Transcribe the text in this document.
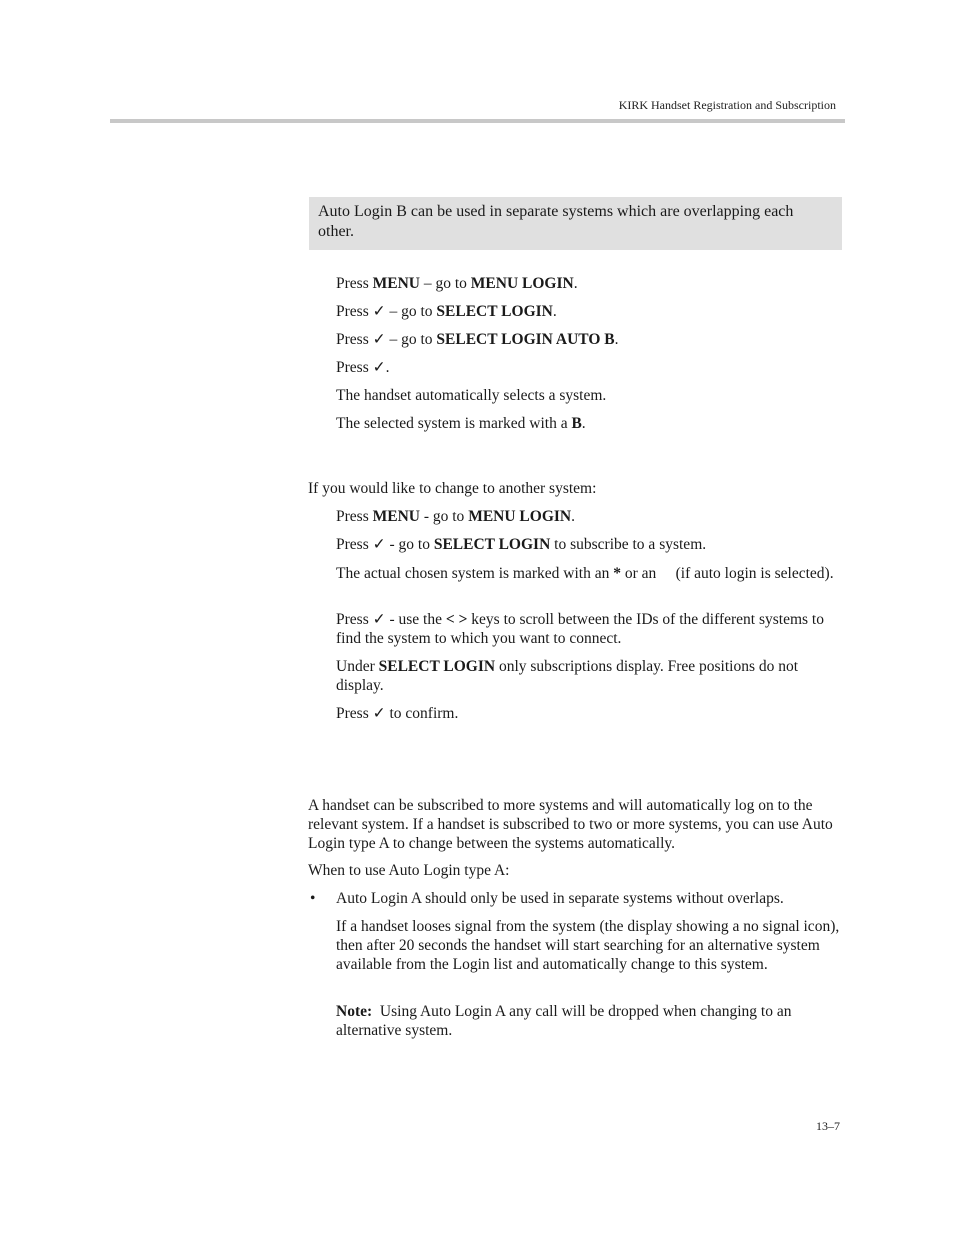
KIRK Handset Registration and Subscription
Auto Login B can be used in separate systems which are overlapping each other.

Press MENU – go to MENU LOGIN.

Press ✓ – go to SELECT LOGIN.

Press ✓ – go to SELECT LOGIN AUTO B.

Press ✓.

The handset automatically selects a system.

The selected system is marked with a B.

If you would like to change to another system:

Press MENU - go to MENU LOGIN.

Press ✓ - go to SELECT LOGIN to subscribe to a system.

The actual chosen system is marked with an * or an     (if auto login is selected).

Press ✓ - use the < > keys to scroll between the IDs of the different systems to find the system to which you want to connect.

Under SELECT LOGIN only subscriptions display. Free positions do not display.

Press ✓ to confirm.

A handset can be subscribed to more systems and will automatically log on to the relevant system. If a handset is subscribed to two or more systems, you can use Auto Login type A to change between the systems automatically.

When to use Auto Login type A:

• Auto Login A should only be used in separate systems without overlaps.

If a handset looses signal from the system (the display showing a no signal icon), then after 20 seconds the handset will start searching for an alternative system available from the Login list and automatically change to this system.

Note:  Using Auto Login A any call will be dropped when changing to an alternative system.

13–7
